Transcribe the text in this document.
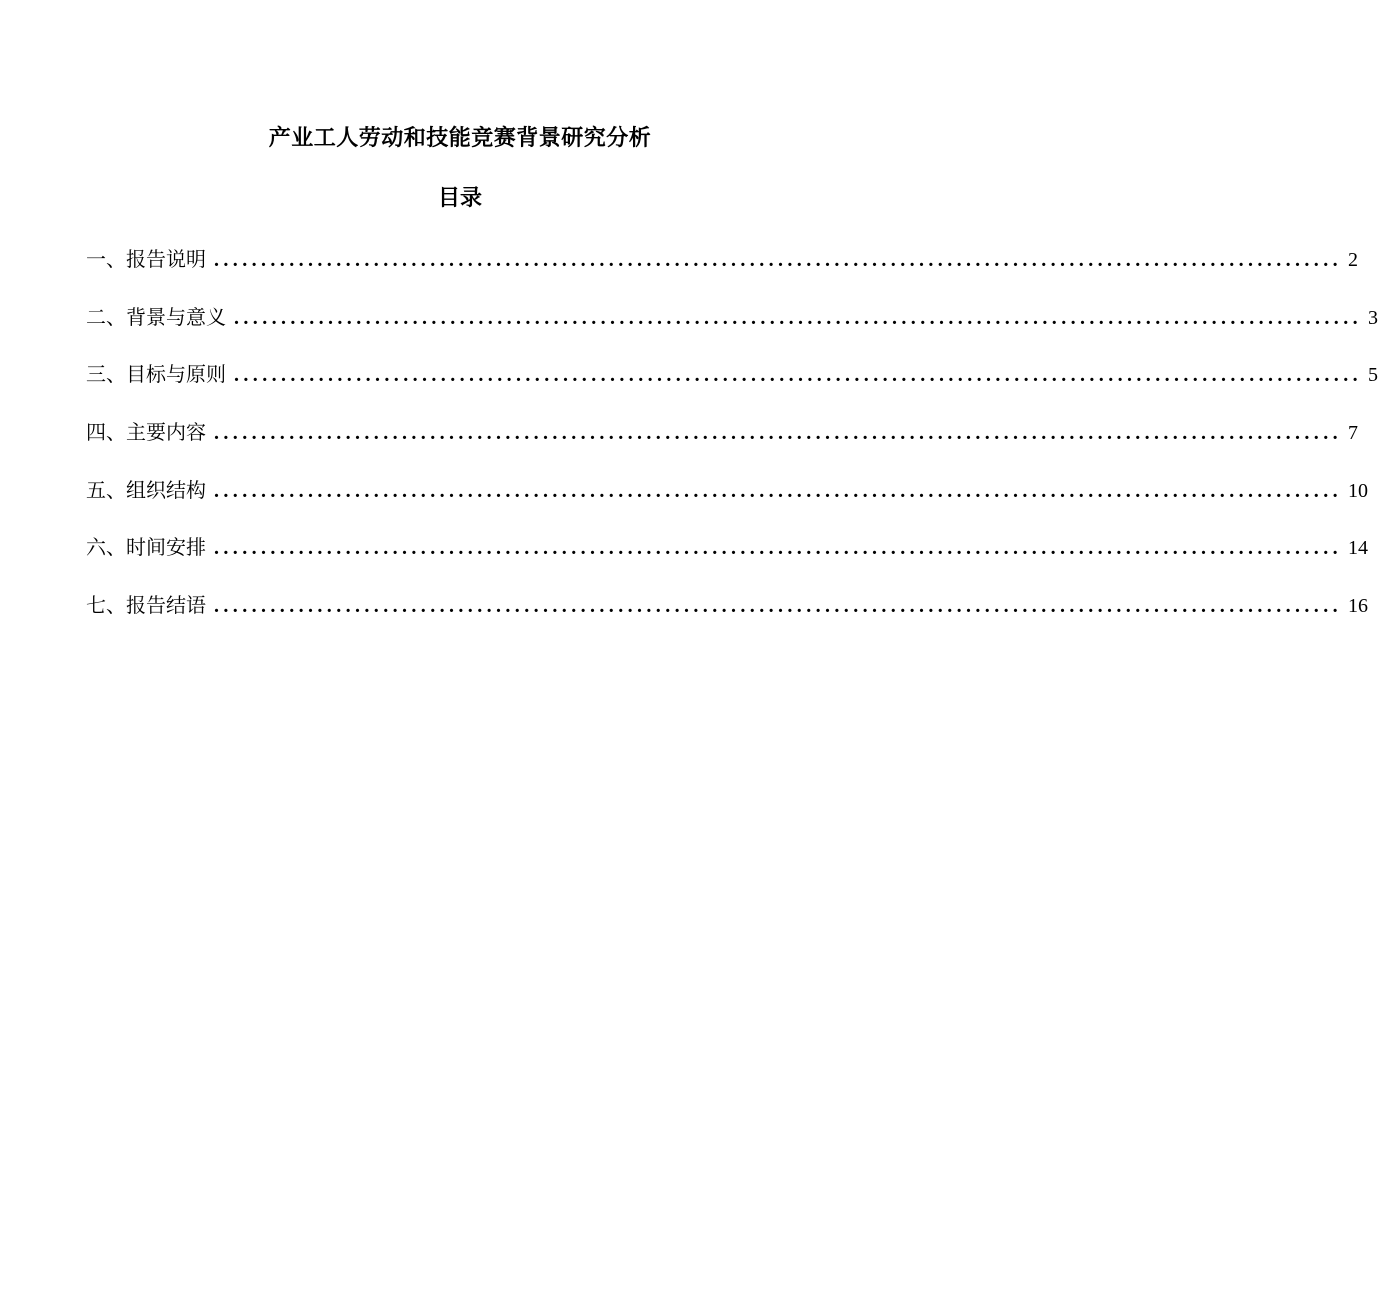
产业工人劳动和技能竞赛背景研究分析
目录
一、报告说明 ........................................................................................................................ 2
二、背景与意义 ........................................................................................................................ 3
三、目标与原则 ........................................................................................................................ 5
四、主要内容 ........................................................................................................................ 7
五、组织结构 ........................................................................................................................ 10
六、时间安排 ........................................................................................................................ 14
七、报告结语 ........................................................................................................................ 16
